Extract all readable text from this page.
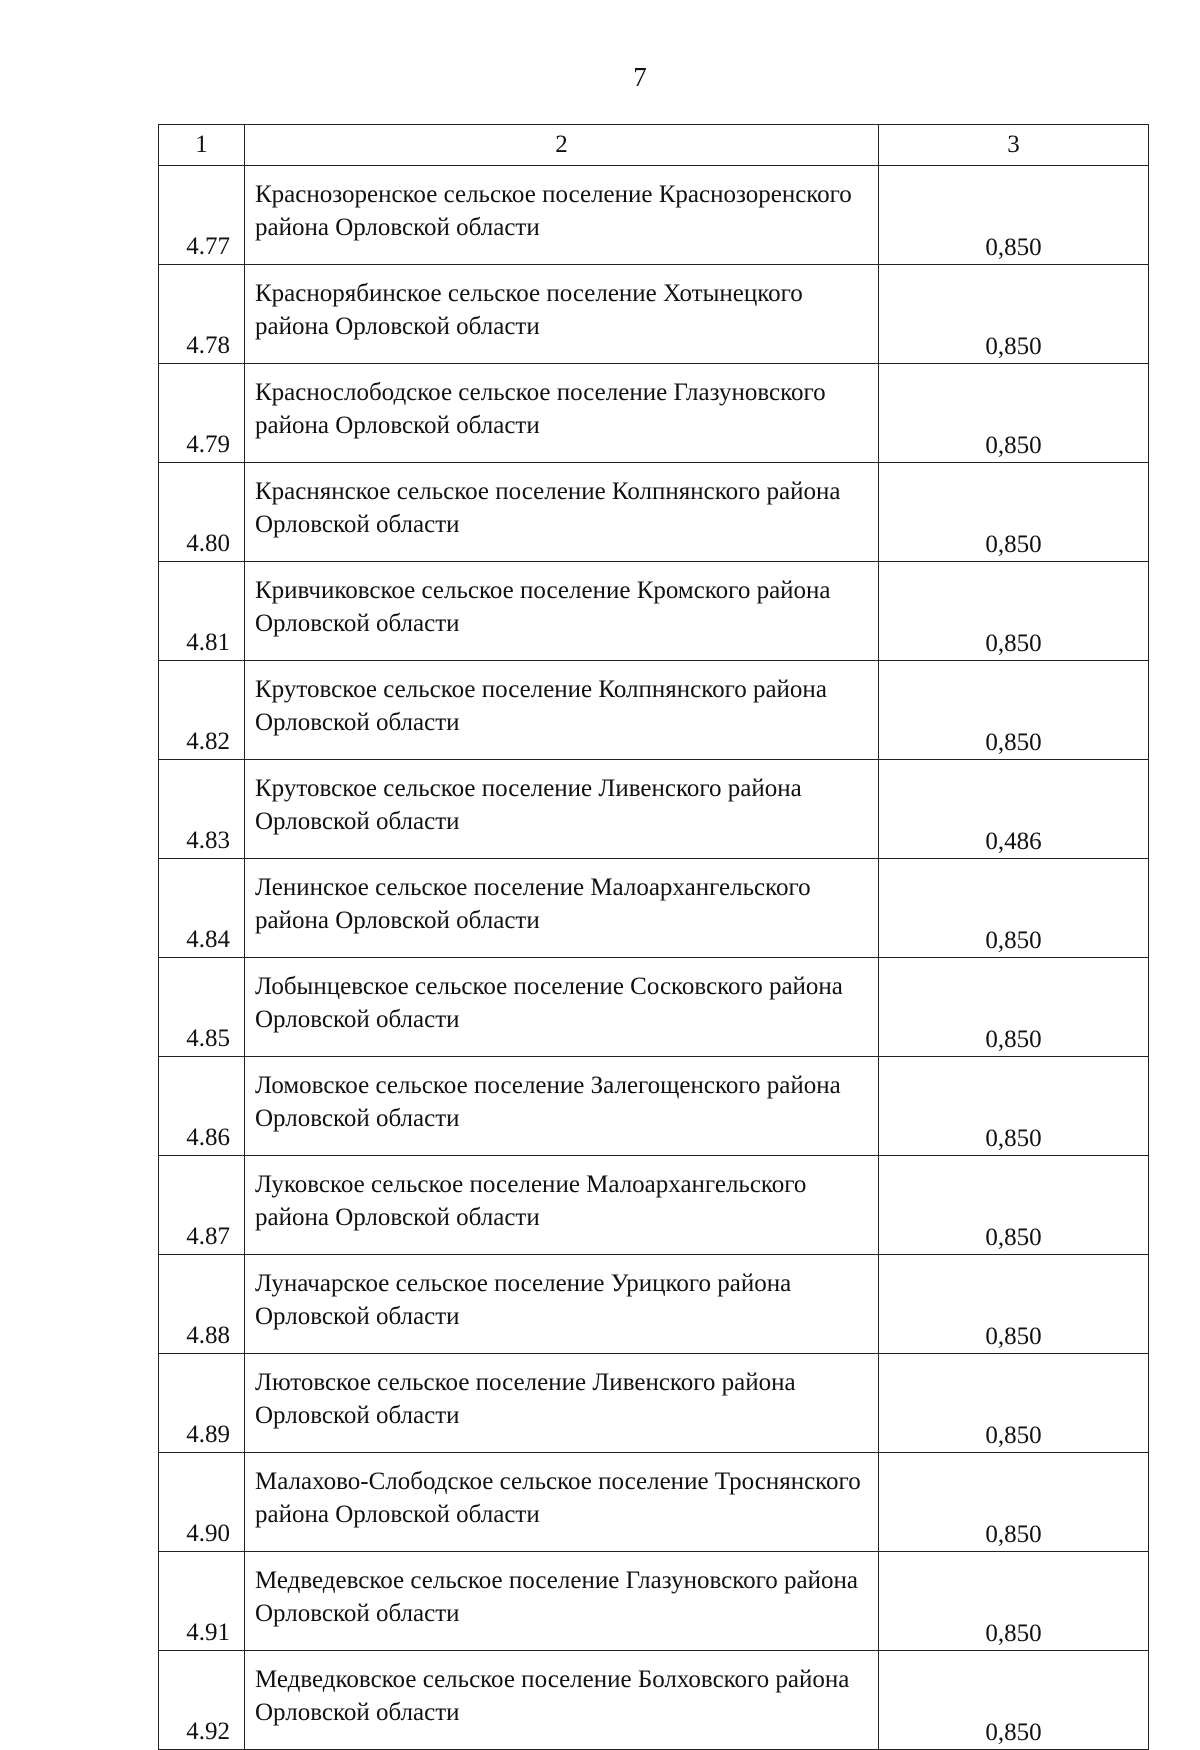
7
1	2	3
4.77	Краснозоренское сельское поселение Краснозоренского района Орловской области	0,850
4.78	Краснорябинское сельское поселение Хотынецкого района Орловской области	0,850
4.79	Краснослободское сельское поселение Глазуновского района Орловской области	0,850
4.80	Краснянское сельское поселение Колпнянского района Орловской области	0,850
4.81	Кривчиковское сельское поселение Кромского района Орловской области	0,850
4.82	Крутовское сельское поселение Колпнянского района Орловской области	0,850
4.83	Крутовское сельское поселение Ливенского района Орловской области	0,486
4.84	Ленинское сельское поселение Малоархангельского района Орловской области	0,850
4.85	Лобынцевское сельское поселение Сосковского района Орловской области	0,850
4.86	Ломовское сельское поселение Залегощенского района Орловской области	0,850
4.87	Луковское сельское поселение Малоархангельского района Орловской области	0,850
4.88	Луначарское сельское поселение Урицкого района Орловской области	0,850
4.89	Лютовское сельское поселение Ливенского района Орловской области	0,850
4.90	Малахово-Слободское сельское поселение Троснянского района Орловской области	0,850
4.91	Медведевское сельское поселение Глазуновского района Орловской области	0,850
4.92	Медведковское сельское поселение Болховского района Орловской области	0,850
